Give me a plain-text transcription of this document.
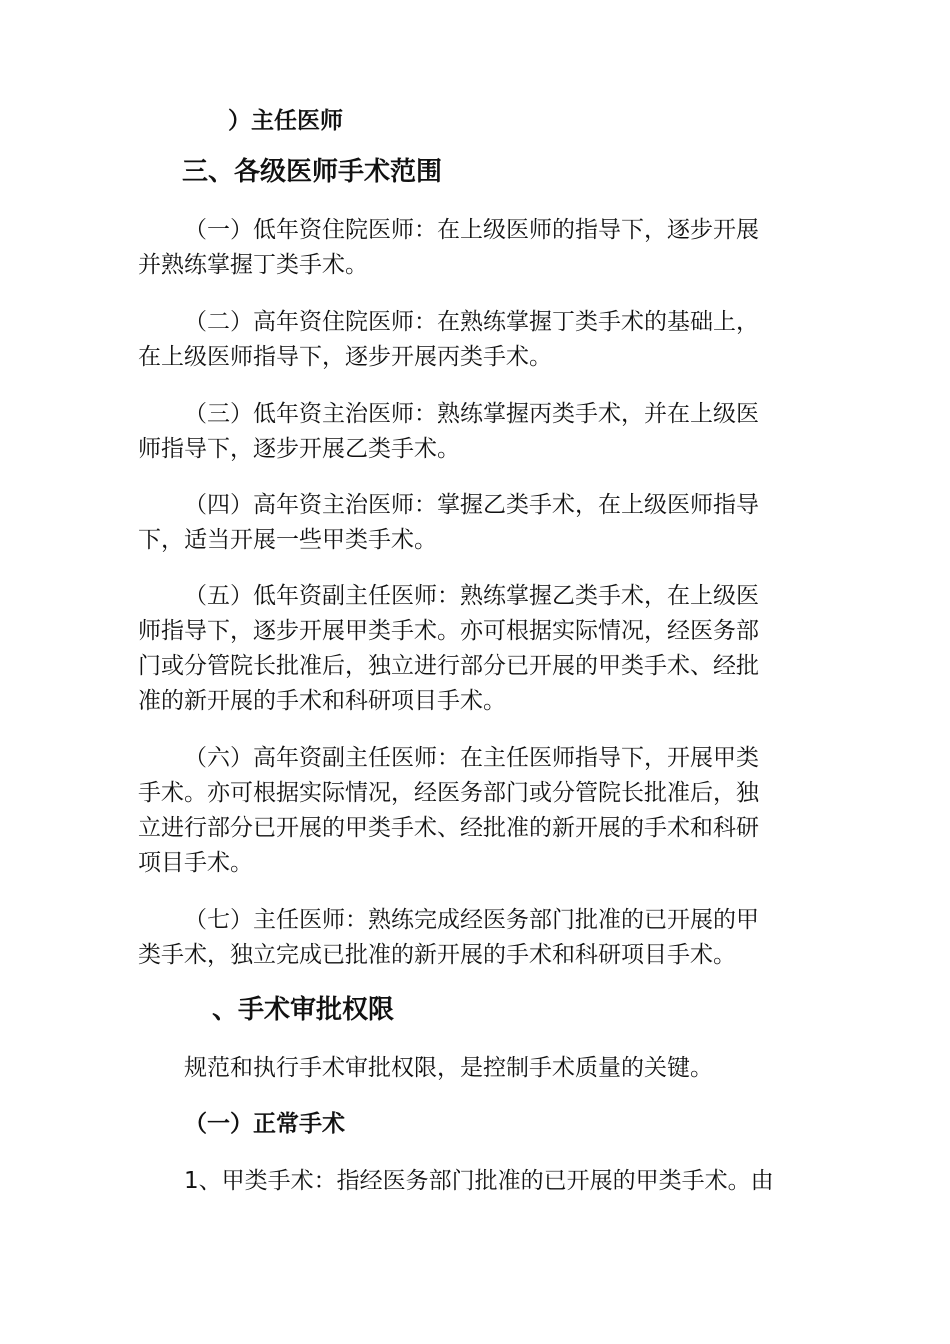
）主任医师
三、各级医师手术范围
（一）低年资住院医师：在上级医师的指导下，逐步开展
并熟练掌握丁类手术。
（二）高年资住院医师：在熟练掌握丁类手术的基础上，
在上级医师指导下，逐步开展丙类手术。
（三）低年资主治医师：熟练掌握丙类手术，并在上级医
师指导下，逐步开展乙类手术。
（四）高年资主治医师：掌握乙类手术，在上级医师指导
下，适当开展一些甲类手术。
（五）低年资副主任医师：熟练掌握乙类手术，在上级医
师指导下，逐步开展甲类手术。亦可根据实际情况，经医务部
门或分管院长批准后，独立进行部分已开展的甲类手术、经批
准的新开展的手术和科研项目手术。
（六）高年资副主任医师：在主任医师指导下，开展甲类
手术。亦可根据实际情况，经医务部门或分管院长批准后，独
立进行部分已开展的甲类手术、经批准的新开展的手术和科研
项目手术。
（七）主任医师：熟练完成经医务部门批准的已开展的甲
类手术，独立完成已批准的新开展的手术和科研项目手术。
、手术审批权限
规范和执行手术审批权限，是控制手术质量的关键。
（一）正常手术
1、甲类手术：指经医务部门批准的已开展的甲类手术。由
